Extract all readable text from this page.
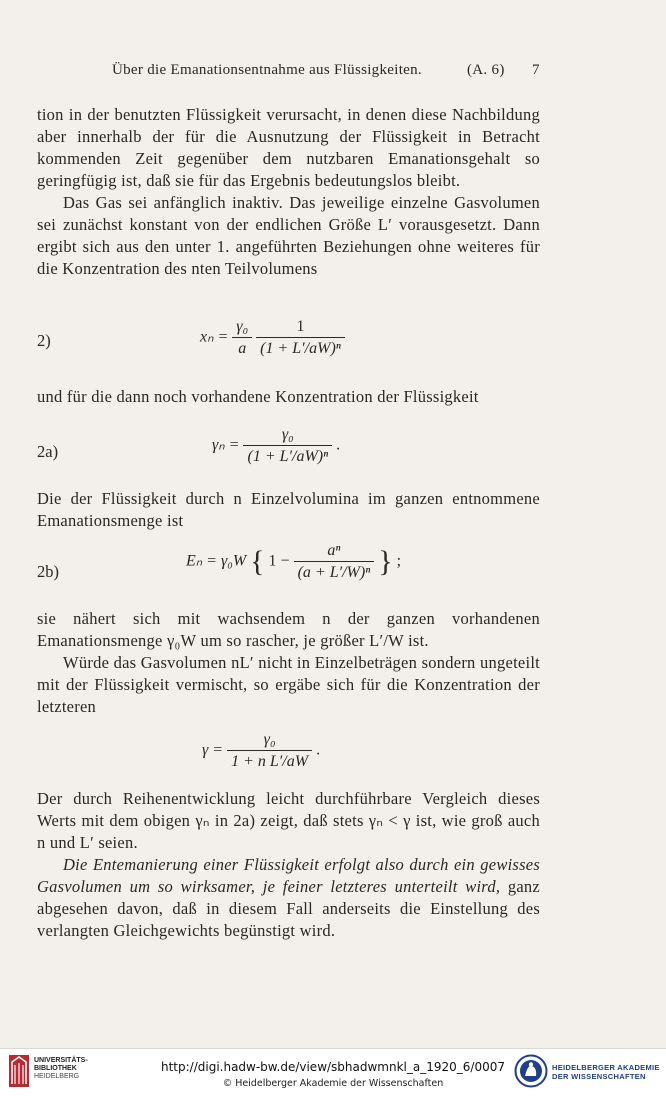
Über die Emanationsentnahme aus Flüssigkeiten.	(A. 6) 7

tion in der benutzten Flüssigkeit verursacht, in denen diese Nachbildung aber innerhalb der für die Ausnutzung der Flüssigkeit in Betracht kommenden Zeit gegenüber dem nutzbaren Emanationsgehalt so geringfügig ist, daß sie für das Ergebnis bedeutungslos bleibt.

Das Gas sei anfänglich inaktiv. Das jeweilige einzelne Gasvolumen sei zunächst konstant von der endlichen Größe L′ vorausgesetzt. Dann ergibt sich aus den unter 1. angeführten Beziehungen ohne weiteres für die Konzentration des nten Teilvolumens

2)	$x_n = \frac{\text{γ₀}}{a}$
$\frac{1}{\text{(1 + L′/aW)ⁿ}}$

und für die dann noch vorhandene Konzentration der Flüssigkeit

2a)	$\gamma_n = \frac{\text{γ₀}}{\text{(1 + L′/aW)ⁿ}}$ .

Die der Flüssigkeit durch n Einzelvolumina im ganzen entnommene Emanationsmenge ist

2b)
Eₙ = γ₀W { $1 - \frac{\text{aⁿ}}{\text{(a + L′/W)ⁿ}}$ } ;

sie nähert sich mit wachsendem n der ganzen vorhandenen Emanationsmenge γ₀W um so rascher, je größer L′/W ist.

Würde das Gasvolumen nL′ nicht in Einzelbeträgen sondern ungeteilt mit der Flüssigkeit vermischt, so ergäbe sich für die Konzentration der letzteren

$\gamma = \frac{\text{γ₀}}{\text{1 + n L′/aW}}$ .

Der durch Reihenentwicklung leicht durchführbare Vergleich dieses Werts mit dem obigen γₙ in 2a) zeigt, daß stets γₙ < γ ist, wie groß auch n und L′ seien.

Die Entemanierung einer Flüssigkeit erfolgt also durch ein gewisses Gasvolumen um so wirksamer, je feiner letzteres unterteilt wird, ganz abgesehen davon, daß in diesem Fall anderseits die Einstellung des verlangten Gleichgewichts begünstigt wird.

UNIVERSITÄTS-
BIBLIOTHEK
HEIDELBERG
http://digi.hadw-bw.de/view/sbhadwmnkl_a_1920_6/0007
© Heidelberger Akademie der Wissenschaften
HEIDELBERGER AKADEMIE
DER WISSENSCHAFTEN
